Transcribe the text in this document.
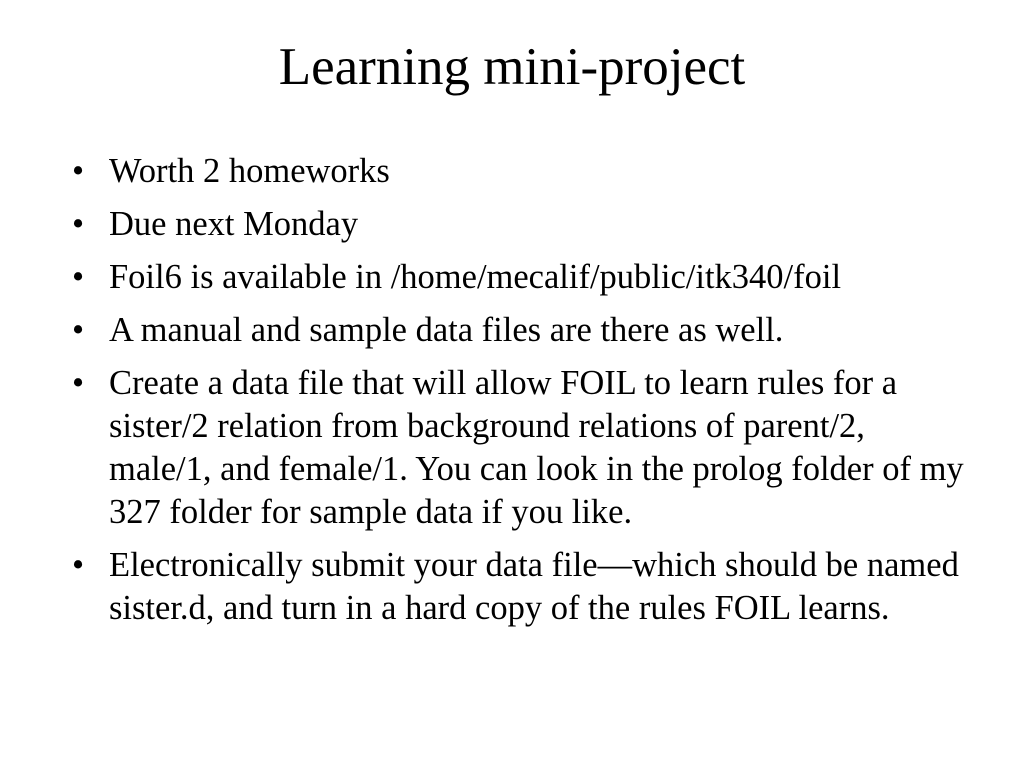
Learning mini-project
• Worth 2 homeworks
• Due next Monday
• Foil6 is available in /home/mecalif/public/itk340/foil
• A manual and sample data files are there as well.
• Create a data file that will allow FOIL to learn rules for a sister/2 relation from background relations of parent/2, male/1, and female/1. You can look in the prolog folder of my 327 folder for sample data if you like.
• Electronically submit your data file—which should be named sister.d, and turn in a hard copy of the rules FOIL learns.
